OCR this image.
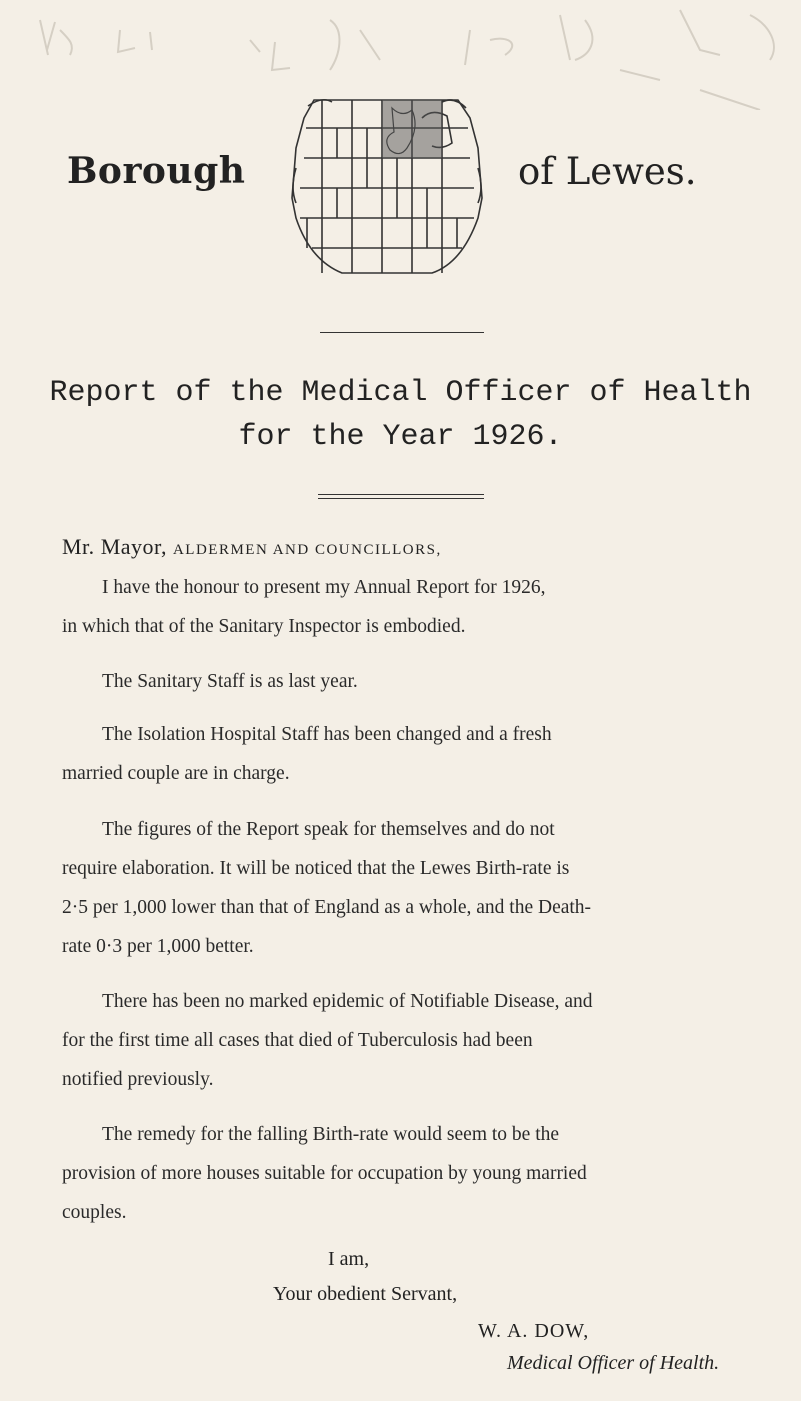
Borough	of Lewes.
Report of the Medical Officer of Health
for the Year 1926.
Mr. Mayor, ALDERMEN AND COUNCILLORS,
I have the honour to present my Annual Report for 1926,
in which that of the Sanitary Inspector is embodied.
The Sanitary Staff is as last year.
The Isolation Hospital Staff has been changed and a fresh
married couple are in charge.
The figures of the Report speak for themselves and do not
require elaboration. It will be noticed that the Lewes Birth-rate is
2·5 per 1,000 lower than that of England as a whole, and the Death-
rate 0·3 per 1,000 better.
There has been no marked epidemic of Notifiable Disease, and
for the first time all cases that died of Tuberculosis had been
notified previously.
The remedy for the falling Birth-rate would seem to be the
provision of more houses suitable for occupation by young married
couples.
I am,
Your obedient Servant,
W. A. DOW,
Medical Officer of Health.
